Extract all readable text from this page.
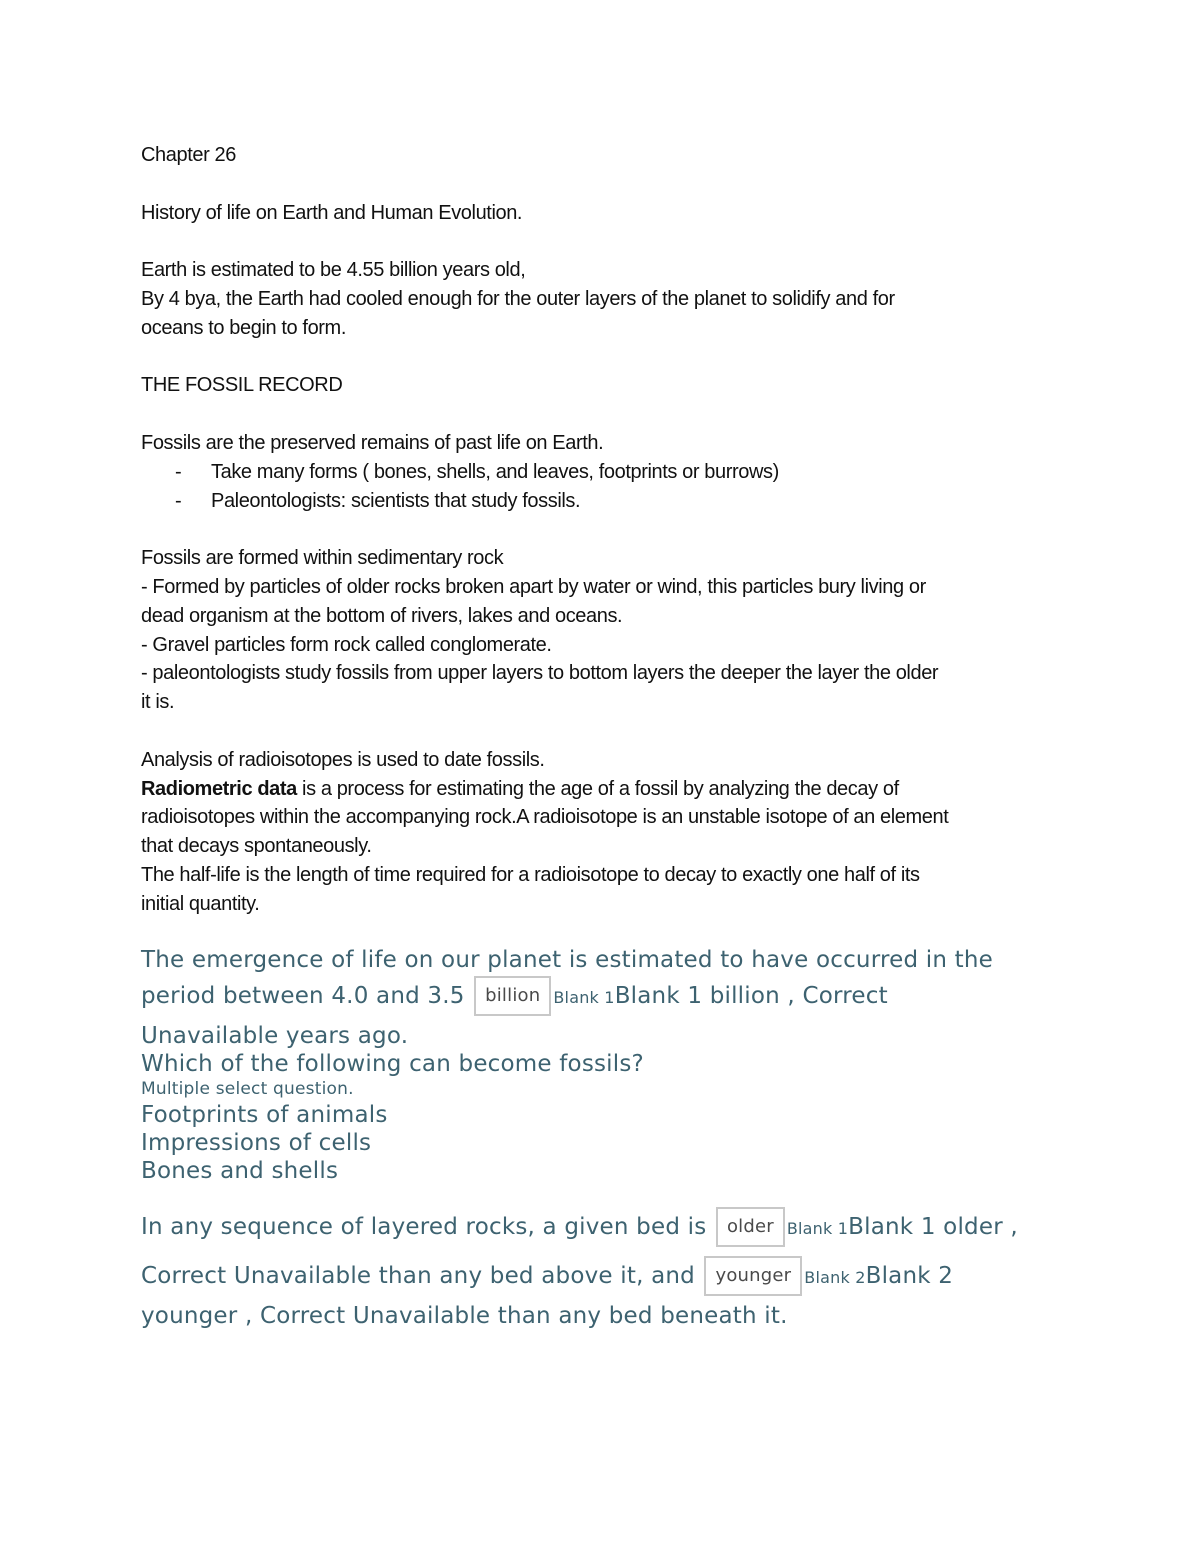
Chapter 26

History of life on Earth and Human Evolution.

Earth is estimated to be 4.55 billion years old,

By 4 bya, the Earth had cooled enough for the outer layers of the planet to solidify and for

oceans to begin to form.

THE FOSSIL RECORD

Fossils are the preserved remains of past life on Earth.

- Take many forms ( bones, shells, and leaves, footprints or burrows)

- Paleontologists: scientists that study fossils.

Fossils are formed within sedimentary rock

- Formed by particles of older rocks broken apart by water or wind, this particles bury living or

dead organism at the bottom of rivers, lakes and oceans.

- Gravel particles form rock called conglomerate.

- paleontologists study fossils from upper layers to bottom layers the deeper the layer the older

it is.

Analysis of radioisotopes is used to date fossils.

Radiometric data is a process for estimating the age of a fossil by analyzing the decay of

radioisotopes within the accompanying rock.A radioisotope is an unstable isotope of an element

that decays spontaneously.

The half-life is the length of time required for a radioisotope to decay to exactly one half of its

initial quantity.

The emergence of life on our planet is estimated to have occurred in the

period between 4.0 and 3.5 billion Blank 1Blank 1 billion , Correct

Unavailable years ago.

Which of the following can become fossils?

Multiple select question.

Footprints of animals

Impressions of cells

Bones and shells

In any sequence of layered rocks, a given bed is older Blank 1Blank 1 older ,

Correct Unavailable than any bed above it, and younger Blank 2Blank 2

younger , Correct Unavailable than any bed beneath it.
